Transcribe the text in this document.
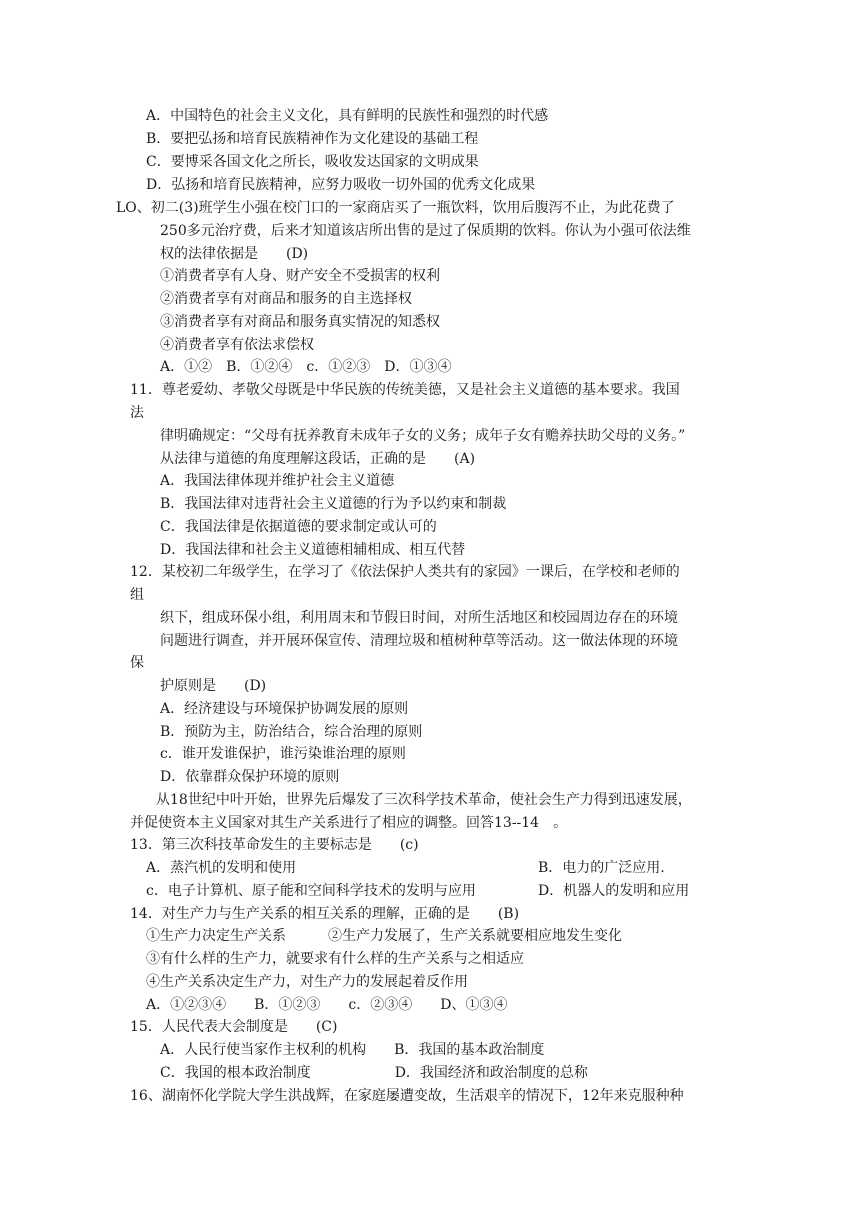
A．中国特色的社会主义文化，具有鲜明的民族性和强烈的时代感
B．要把弘扬和培育民族精神作为文化建设的基础工程
C．要博采各国文化之所长，吸收发达国家的文明成果
D．弘扬和培育民族精神，应努力吸收一切外国的优秀文化成果
LO、初二(3)班学生小强在校门口的一家商店买了一瓶饮料，饮用后腹泻不止，为此花费了
250多元治疗费，后来才知道该店所出售的是过了保质期的饮料。你认为小强可依法维
权的法律依据是　　(D)
①消费者享有人身、财产安全不受损害的权利
②消费者享有对商品和服务的自主选择权
③消费者享有对商品和服务真实情况的知悉权
④消费者享有依法求偿权
A．①②　B．①②④　c．①②③　D．①③④
11．尊老爱幼、孝敬父母既是中华民族的传统美德，又是社会主义道德的基本要求。我国
法
律明确规定：“父母有抚养教育未成年子女的义务；成年子女有赡养扶助父母的义务。”
从法律与道德的角度理解这段话，正确的是　　(A)
A．我国法律体现并维护社会主义道德
B．我国法律对违背社会主义道德的行为予以约束和制裁
C．我国法律是依据道德的要求制定或认可的
D．我国法律和社会主义道德相辅相成、相互代替
12．某校初二年级学生，在学习了《依法保护人类共有的家园》一课后，在学校和老师的
组
织下，组成环保小组，利用周末和节假日时间，对所生活地区和校园周边存在的环境
问题进行调查，并开展环保宣传、清理垃圾和植树种草等活动。这一做法体现的环境
保
护原则是　　(D)
A．经济建设与环境保护协调发展的原则
B．预防为主，防治结合，综合治理的原则
c．谁开发谁保护，谁污染谁治理的原则
D．依靠群众保护环境的原则
从18世纪中叶开始，世界先后爆发了三次科学技术革命，使社会生产力得到迅速发展，
并促使资本主义国家对其生产关系进行了相应的调整。回答13--14　。
13．第三次科技革命发生的主要标志是　　(c)
A．蒸汽机的发明和使用	B．电力的广泛应用.
c．电子计算机、原子能和空间科学技术的发明与应用	D．机器人的发明和应用
14．对生产力与生产关系的相互关系的理解，正确的是　　(B)
①生产力决定生产关系　　　②生产力发展了，生产关系就要相应地发生变化
③有什么样的生产力，就要求有什么样的生产关系与之相适应
④生产关系决定生产力，对生产力的发展起着反作用
A．①②③④　　B．①②③　　c．②③④　　D、①③④
15．人民代表大会制度是　　(C)
A．人民行使当家作主权利的机构　　B．我国的基本政治制度
C．我国的根本政治制度　　　　　　D．我国经济和政治制度的总称
16、湖南怀化学院大学生洪战辉，在家庭屡遭变故，生活艰辛的情况下，12年来克服种种
